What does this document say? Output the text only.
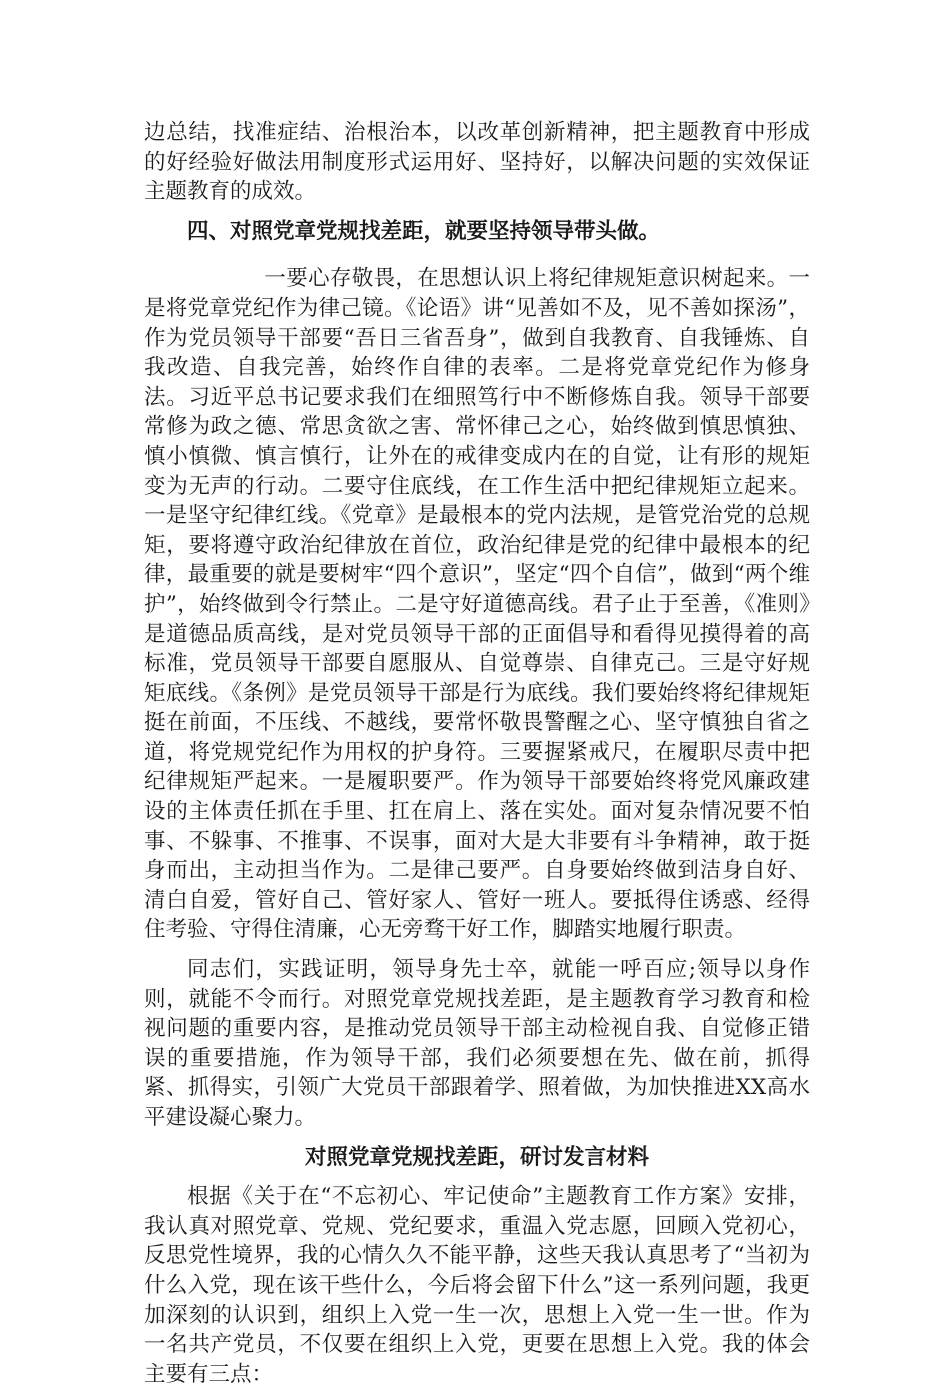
边总结，找准症结、治根治本，以改革创新精神，把主题教育中形成的好经验好做法用制度形式运用好、坚持好，以解决问题的实效保证主题教育的成效。

四、对照党章党规找差距，就要坚持领导带头做。

一要心存敬畏，在思想认识上将纪律规矩意识树起来。一是将党章党纪作为律己镜。《论语》讲“见善如不及，见不善如探汤”，作为党员领导干部要“吾日三省吾身”，做到自我教育、自我锤炼、自我改造、自我完善，始终作自律的表率。二是将党章党纪作为修身法。习近平总书记要求我们在细照笃行中不断修炼自我。领导干部要常修为政之德、常思贪欲之害、常怀律己之心，始终做到慎思慎独、慎小慎微、慎言慎行，让外在的戒律变成内在的自觉，让有形的规矩变为无声的行动。二要守住底线，在工作生活中把纪律规矩立起来。一是坚守纪律红线。《党章》是最根本的党内法规，是管党治党的总规矩，要将遵守政治纪律放在首位，政治纪律是党的纪律中最根本的纪律，最重要的就是要树牢“四个意识”，坚定“四个自信”，做到“两个维护”，始终做到令行禁止。二是守好道德高线。君子止于至善，《准则》是道德品质高线，是对党员领导干部的正面倡导和看得见摸得着的高标准，党员领导干部要自愿服从、自觉尊崇、自律克己。三是守好规矩底线。《条例》是党员领导干部是行为底线。我们要始终将纪律规矩挺在前面，不压线、不越线，要常怀敬畏警醒之心、坚守慎独自省之道，将党规党纪作为用权的护身符。三要握紧戒尺，在履职尽责中把纪律规矩严起来。一是履职要严。作为领导干部要始终将党风廉政建设的主体责任抓在手里、扛在肩上、落在实处。面对复杂情况要不怕事、不躲事、不推事、不误事，面对大是大非要有斗争精神，敢于挺身而出，主动担当作为。二是律己要严。自身要始终做到洁身自好、清白自爱，管好自己、管好家人、管好一班人。要抵得住诱惑、经得住考验、守得住清廉，心无旁骛干好工作，脚踏实地履行职责。

同志们，实践证明，领导身先士卒，就能一呼百应;领导以身作则，就能不令而行。对照党章党规找差距，是主题教育学习教育和检视问题的重要内容，是推动党员领导干部主动检视自我、自觉修正错误的重要措施，作为领导干部，我们必须要想在先、做在前，抓得紧、抓得实，引领广大党员干部跟着学、照着做，为加快推进XX高水平建设凝心聚力。

对照党章党规找差距，研讨发言材料

根据《关于在“不忘初心、牢记使命”主题教育工作方案》安排，我认真对照党章、党规、党纪要求，重温入党志愿，回顾入党初心，反思党性境界，我的心情久久不能平静，这些天我认真思考了“当初为什么入党，现在该干些什么，今后将会留下什么”这一系列问题，我更加深刻的认识到，组织上入党一生一次，思想上入党一生一世。作为一名共产党员，不仅要在组织上入党，更要在思想上入党。我的体会主要有三点：
